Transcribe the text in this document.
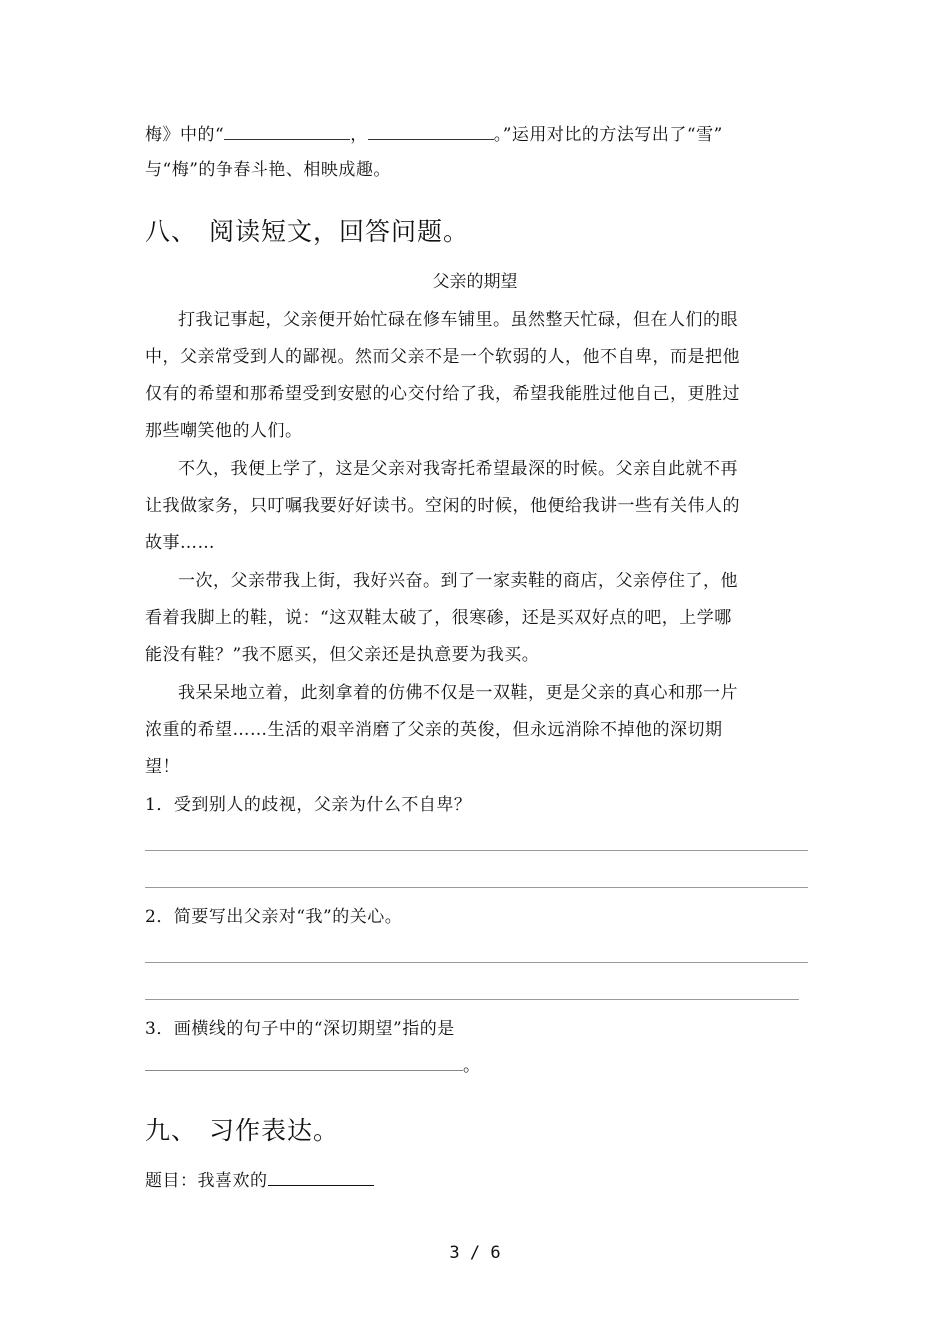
梅》中的“	，	。”运用对比的方法写出了“雪”
与“梅”的争春斗艳、相映成趣。
八、 阅读短文，回答问题。
父亲的期望
打我记事起，父亲便开始忙碌在修车铺里。虽然整天忙碌，但在人们的眼
中，父亲常受到人的鄙视。然而父亲不是一个软弱的人，他不自卑，而是把他
仅有的希望和那希望受到安慰的心交付给了我，希望我能胜过他自己，更胜过
那些嘲笑他的人们。
不久，我便上学了，这是父亲对我寄托希望最深的时候。父亲自此就不再
让我做家务，只叮嘱我要好好读书。空闲的时候，他便给我讲一些有关伟人的
故事……
一次，父亲带我上街，我好兴奋。到了一家卖鞋的商店，父亲停住了，他
看着我脚上的鞋，说：“这双鞋太破了，很寒碜，还是买双好点的吧，上学哪
能没有鞋？”我不愿买，但父亲还是执意要为我买。
我呆呆地立着，此刻拿着的仿佛不仅是一双鞋，更是父亲的真心和那一片
浓重的希望……生活的艰辛消磨了父亲的英俊，但永远消除不掉他的深切期
望！
1．受到别人的歧视，父亲为什么不自卑？
2．简要写出父亲对“我”的关心。
3．画横线的句子中的“深切期望”指的是
。
九、 习作表达。
题目：我喜欢的
3 / 6
